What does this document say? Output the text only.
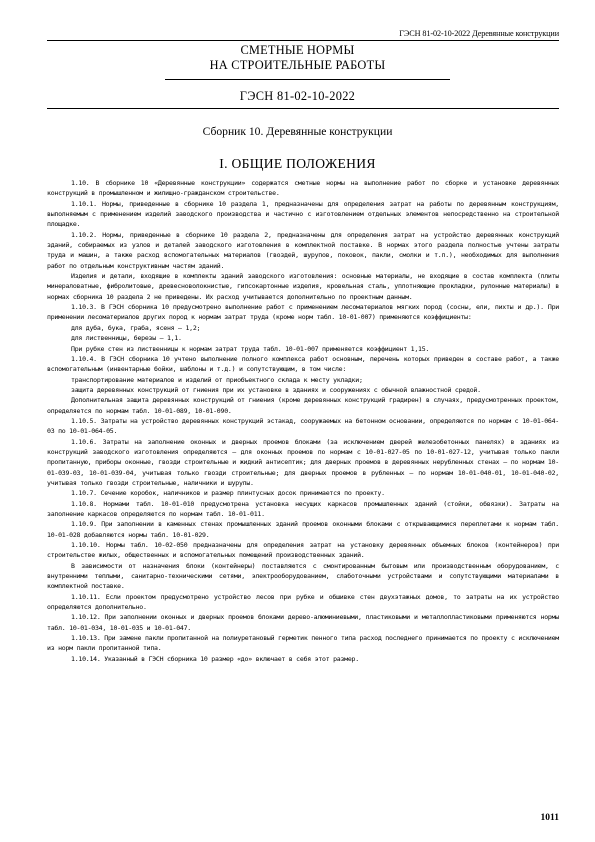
ГЭСН 81-02-10-2022 Деревянные конструкции
СМЕТНЫЕ НОРМЫ
НА СТРОИТЕЛЬНЫЕ РАБОТЫ
ГЭСН 81-02-10-2022
Сборник 10. Деревянные конструкции
I. ОБЩИЕ ПОЛОЖЕНИЯ

1.10. В сборнике 10 «Деревянные конструкции» содержатся сметные нормы на выполнение работ по сборке и установке деревянных конструкций в промышленном и жилищно-гражданском строительстве.

1.10.1. Нормы, приведенные в сборнике 10 раздела 1, предназначены для определения затрат на работы по деревянным конструкциям, выполняемым с применением изделий заводского производства и частично с изготовлением отдельных элементов непосредственно на строительной площадке.

1.10.2. Нормы, приведенные в сборнике 10 раздела 2, предназначены для определения затрат на устройство деревянных конструкций зданий, собираемых из узлов и деталей заводского изготовления в комплектной поставке. В нормах этого раздела полностью учтены затраты труда и машин, а также расход вспомогательных материалов (гвоздей, шурупов, поковок, пакли, смолки и т.п.), необходимых для выполнения работ по отдельным конструктивным частям зданий.

Изделия и детали, входящие в комплекты зданий заводского изготовления: основные материалы, не входящие в состав комплекта (плиты минераловатные, фибролитовые, древесноволокнистые, гипсокартонные изделия, кровельная сталь, уплотняющие прокладки, рулонные материалы) в нормах сборника 10 раздела 2 не приведены. Их расход учитывается дополнительно по проектным данным.

1.10.3. В ГЭСН сборника 10 предусмотрено выполнение работ с применением лесоматериалов мягких пород (сосны, ели, пихты и др.). При применении лесоматериалов других пород к нормам затрат труда (кроме норм табл. 10-01-007) применяются коэффициенты:

для дуба, бука, граба, ясеня – 1,2;

для лиственницы, березы – 1,1.

При рубке стен из лиственницы к нормам затрат труда табл. 10-01-007 применяется коэффициент 1,15.

1.10.4. В ГЭСН сборника 10 учтено выполнение полного комплекса работ основным, перечень которых приведен в составе работ, а также вспомогательным (инвентарные бойки, шаблоны и т.д.) и сопутствующим, в том числе:

транспортирование материалов и изделий от приобъектного склада к месту укладки;

защита деревянных конструкций от гниения при их установке в зданиях и сооружениях с обычной влажностной средой.

Дополнительная защита деревянных конструкций от гниения (кроме деревянных конструкций градирен) в случаях, предусмотренных проектом, определяется по нормам табл. 10-01-089, 10-01-090.

1.10.5. Затраты на устройство деревянных конструкций эстакад, сооружаемых на бетонном основании, определяются по нормам с 10-01-064-03 по 10-01-064-05.

1.10.6. Затраты на заполнение оконных и дверных проемов блоками (за исключением дверей железобетонных панелях) в зданиях из конструкций заводского изготовления определяются – для оконных проемов по нормам с 10-01-027-05 по 10-01-027-12, учитывая только пакли пропитанную, приборы оконные, гвозди строительные и жидкий антисептик; для дверных проемов в деревянных нерубленных стенах – по нормам 10-01-039-03, 10-01-039-04, учитывая только гвозди строительные; для дверных проемов в рубленных – по нормам 10-01-040-01, 10-01-040-02, учитывая только гвозди строительные, наличники и шурупы.

1.10.7. Сечение коробок, наличников и размер плинтусных досок принимается по проекту.

1.10.8. Нормами табл. 10-01-010 предусмотрена установка несущих каркасов промышленных зданий (стойки, обвязки). Затраты на заполнение каркасов определяются по нормам табл. 10-01-011.

1.10.9. При заполнении в каменных стенах промышленных зданий проемов оконными блоками с открывающимися переплетами к нормам табл. 10-01-028 добавляются нормы табл. 10-01-029.

1.10.10. Нормы табл. 10-02-050 предназначены для определения затрат на установку деревянных объемных блоков (контейнеров) при строительстве жилых, общественных и вспомогательных помещений производственных зданий.

В зависимости от назначения блоки (контейнеры) поставляются с смонтированным бытовым или производственным оборудованием, с внутренними теплыми, санитарно-техническими сетями, электрооборудованием, слаботочными устройствами и сопутствующими материалами в комплектной поставке.

1.10.11. Если проектом предусмотрено устройство лесов при рубке и обшивке стен двухэтажных домов, то затраты на их устройство определяются дополнительно.

1.10.12. При заполнении оконных и дверных проемов блоками дерево-алюминиевыми, пластиковыми и металлопластиковыми применяются нормы табл. 10-01-034, 10-01-035 и 10-01-047.

1.10.13. При замене пакли пропитанной на полиуретановый герметик пенного типа расход последнего принимается по проекту с исключением из норм пакли пропитанной типа.

1.10.14. Указанный в ГЭСН сборника 10 размер «до» включает в себя этот размер.

1011
